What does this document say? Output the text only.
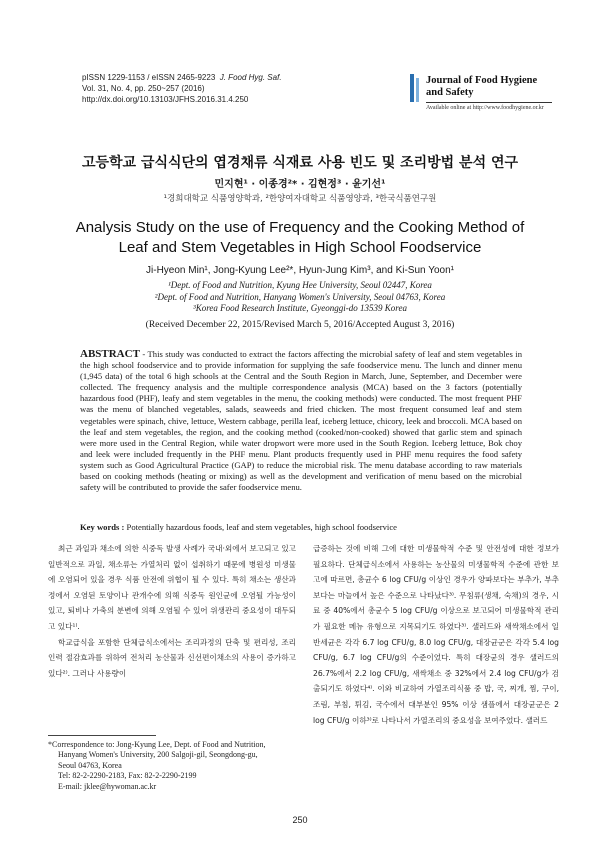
pISSN 1229-1153 / eISSN 2465-9223 J. Food Hyg. Saf.
Vol. 31, No. 4, pp. 250~257 (2016)
http://dx.doi.org/10.13103/JFHS.2016.31.4.250
Journal of Food Hygiene
and Safety
Available online at http://www.foodhygiene.or.kr
고등학교 급식식단의 엽경채류 식재료 사용 빈도 및 조리방법 분석 연구
민지현¹ · 이종경²* · 김현정³ · 윤기선¹
¹경희대학교 식품영양학과, ²한양여자대학교 식품영양과, ³한국식품연구원
Analysis Study on the use of Frequency and the Cooking Method of
Leaf and Stem Vegetables in High School Foodservice
Ji-Hyeon Min¹, Jong-Kyung Lee²*, Hyun-Jung Kim³, and Ki-Sun Yoon¹
¹Dept. of Food and Nutrition, Kyung Hee University, Seoul 02447, Korea
²Dept. of Food and Nutrition, Hanyang Women's University, Seoul 04763, Korea
³Korea Food Research Institute, Gyeonggi-do 13539 Korea
(Received December 22, 2015/Revised March 5, 2016/Accepted August 3, 2016)
ABSTRACT - This study was conducted to extract the factors affecting the microbial safety of leaf and stem vegetables in the high school foodservice and to provide information for supplying the safe foodservice menu. The lunch and dinner menu (1,945 data) of the total 6 high schools at the Central and the South Region in March, June, September, and December were collected. The frequency analysis and the multiple correspondence analysis (MCA) based on the 3 factors (potentially hazardous food (PHF), leafy and stem vegetables in the menu, the cooking methods) were conducted. The most frequent PHF was the menu of blanched vegetables, salads, seaweeds and fried chicken. The most frequent consumed leaf and stem vegetables were spinach, chive, lettuce, Western cabbage, perilla leaf, iceberg lettuce, chicory, leek and broccoli. MCA based on the leaf and stem vegetables, the region, and the cooking method (cooked/non-cooked) showed that garlic stem and spinach were more used in the Central Region, while water dropwort were more used in the South Region. Iceberg lettuce, Bok choy and leek were included frequently in the PHF menu. Plant products frequently used in PHF menu requires the food safety system such as Good Agricultural Practice (GAP) to reduce the microbial risk. The menu database according to raw materials based on cooking methods (heating or mixing) as well as the development and verification of menu based on the microbial safety will be contributed to provide the safer foodservice menu.
Key words : Potentially hazardous foods, leaf and stem vegetables, high school foodservice

최근 과일과 채소에 의한 식중독 발생 사례가 국내·외에서 보고되고 있고 일반적으로 과일, 채소류는 가열처리 없이 섭취하기 때문에 병원성 미생물에 오염되어 있을 경우 식품 안전에 위협이 될 수 있다. 특히 채소는 생산과정에서 오염된 토양이나 관개수에 의해 식중독 원인균에 오염될 가능성이 있고, 퇴비나 가축의 분변에 의해 오염될 수 있어 위생관리 중요성이 대두되고 있다¹⁾.

학교급식을 포함한 단체급식소에서는 조리과정의 단축 및 편리성, 조리인력 절감효과를 위하여 전처리 농산물과 신선편이채소의 사용이 증가하고 있다²⁾. 그러나 사용량이

급증하는 것에 비해 그에 대한 미생물학적 수준 및 안전성에 대한 정보가 필요하다. 단체급식소에서 사용하는 농산물의 미생물학적 수준에 관한 보고에 따르면, 총균수 6 log CFU/g 이상인 경우가 양파보다는 부추가, 부추보다는 마늘에서 높은 수준으로 나타났다³⁾. 무침류(생채, 숙채)의 경우, 시료 중 40%에서 총균수 5 log CFU/g 이상으로 보고되어 미생물학적 관리가 필요한 메뉴 유형으로 지목되기도 하였다³⁾. 샐러드와 새싹채소에서 일반세균은 각각 6.7 log CFU/g, 8.0 log CFU/g, 대장균군은 각각 5.4 log CFU/g, 6.7 log CFU/g의 수준이었다. 특히 대장균의 경우 샐러드의 26.7%에서 2.2 log CFU/g, 새싹채소 중 32%에서 2.4 log CFU/g가 검출되기도 하였다⁴⁾. 이와 비교하여 가열조리식품 중 밥, 국, 찌개, 찜, 구이, 조림, 부침, 튀김, 국수에서 대부분인 95% 이상 샘플에서 대장균군은 2 log CFU/g 이하³⁾로 나타나서 가열조리의 중요성을 보여주었다. 샐러드

*Correspondence to: Jong-Kyung Lee, Dept. of Food and Nutrition,
Hanyang Women's University, 200 Salgoji-gil, Seongdong-gu,
Seoul 04763, Korea
Tel: 82-2-2290-2183, Fax: 82-2-2290-2199
E-mail: jklee@hywoman.ac.kr
250
